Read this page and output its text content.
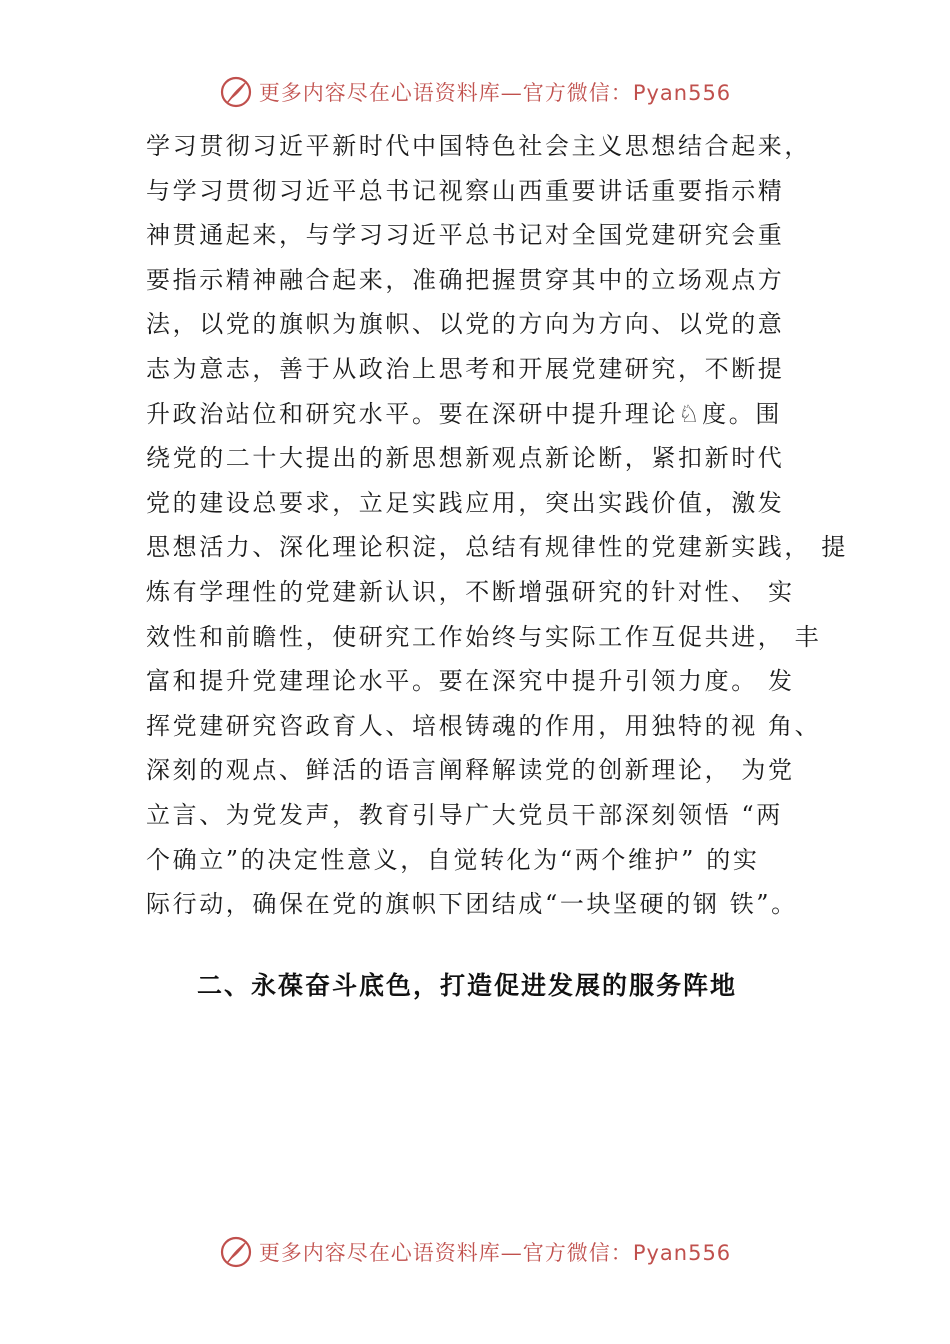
更多内容尽在心语资料库—官方微信：Pyan556
学习贯彻习近平新时代中国特色社会主义思想结合起来，
与学习贯彻习近平总书记视察山西重要讲话重要指示精
神贯通起来，与学习习近平总书记对全国党建研究会重
要指示精神融合起来，准确把握贯穿其中的立场观点方
法，以党的旗帜为旗帜、以党的方向为方向、以党的意
志为意志，善于从政治上思考和开展党建研究，不断提
升政治站位和研究水平。要在深研中提升理论♘度。围
绕党的二十大提出的新思想新观点新论断，紧扣新时代
党的建设总要求，立足实践应用，突出实践价值，激发
思想活力、深化理论积淀，总结有规律性的党建新实践， 提
炼有学理性的党建新认识，不断增强研究的针对性、 实
效性和前瞻性，使研究工作始终与实际工作互促共进， 丰
富和提升党建理论水平。要在深究中提升引领力度。 发
挥党建研究咨政育人、培根铸魂的作用，用独特的视 角、
深刻的观点、鲜活的语言阐释解读党的创新理论， 为党
立言、为党发声，教育引导广大党员干部深刻领悟 “两
个确立”的决定性意义，自觉转化为“两个维护” 的实
际行动，确保在党的旗帜下团结成“一块坚硬的钢 铁”。
二、永葆奋斗底色，打造促进发展的服务阵地
更多内容尽在心语资料库—官方微信：Pyan556
